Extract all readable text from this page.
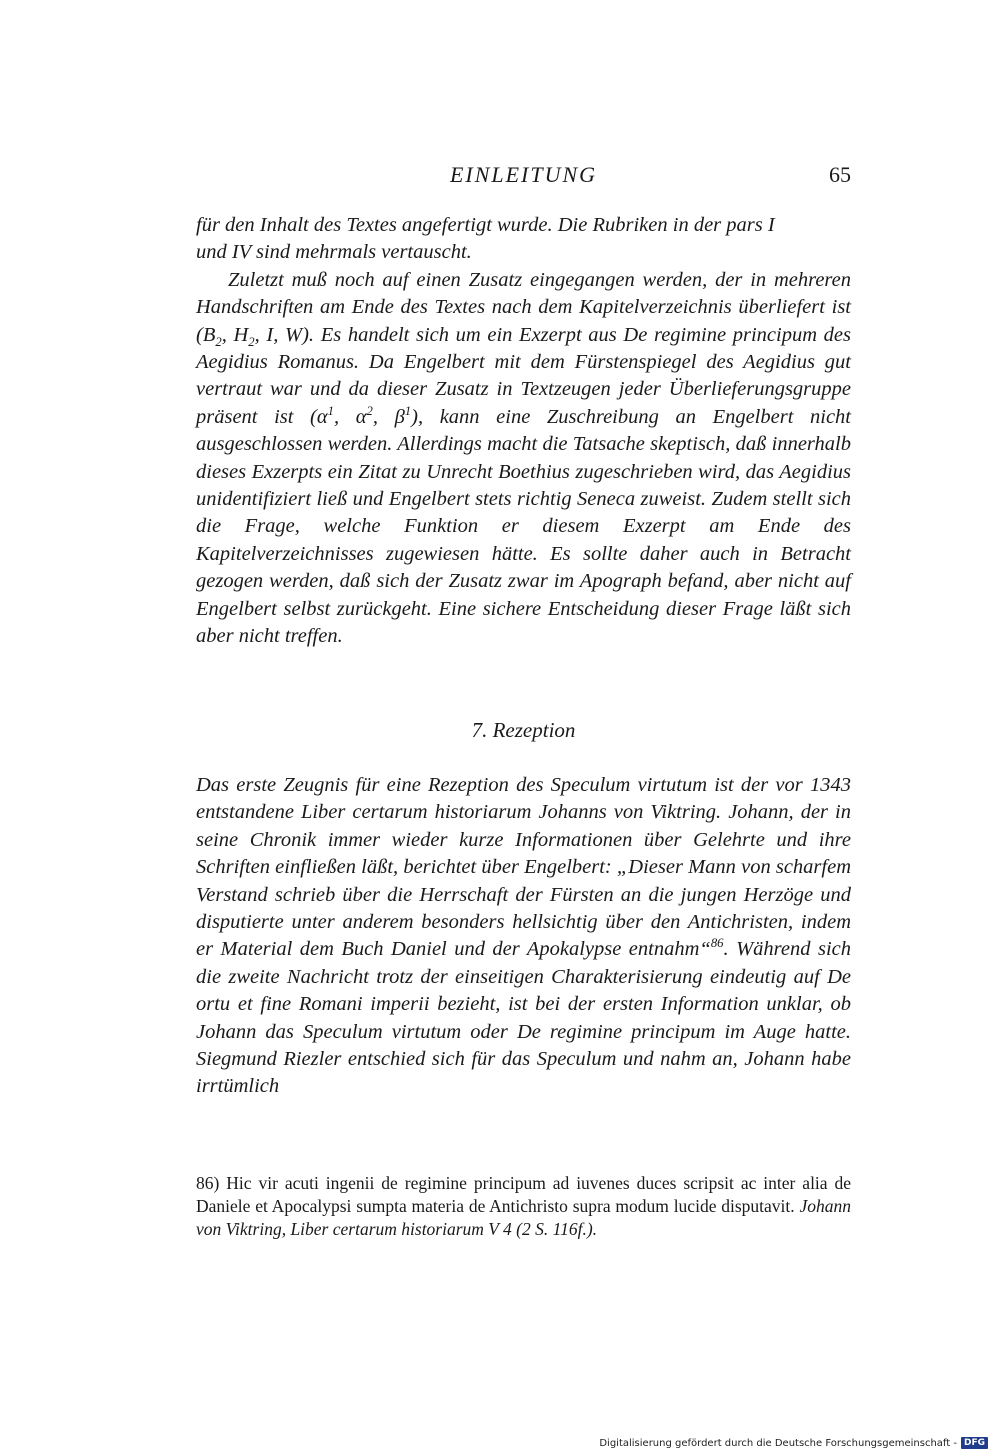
EINLEITUNG	65

für den Inhalt des Textes angefertigt wurde. Die Rubriken in der pars I
und IV sind mehrmals vertauscht.

Zuletzt muß noch auf einen Zusatz eingegangen werden, der in mehreren Handschriften am Ende des Textes nach dem Kapitelverzeichnis überliefert ist ($B_2$, $H_2$, I, W). Es handelt sich um ein Exzerpt aus De regimine principum des Aegidius Romanus. Da Engelbert mit dem Fürstenspiegel des Aegidius gut vertraut war und da dieser Zusatz in Textzeugen jeder Überlieferungsgruppe präsent ist ($\alpha^1$, $\alpha^2$, $\beta^1$), kann eine Zuschreibung an Engelbert nicht ausgeschlossen werden. Allerdings macht die Tatsache skeptisch, daß innerhalb dieses Exzerpts ein Zitat zu Unrecht Boethius zugeschrieben wird, das Aegidius unidentifiziert ließ und Engelbert stets richtig Seneca zuweist. Zudem stellt sich die Frage, welche Funktion er diesem Exzerpt am Ende des Kapitelverzeichnisses zugewiesen hätte. Es sollte daher auch in Betracht gezogen werden, daß sich der Zusatz zwar im Apograph befand, aber nicht auf Engelbert selbst zurückgeht. Eine sichere Entscheidung dieser Frage läßt sich aber nicht treffen.

7. Rezeption

Das erste Zeugnis für eine Rezeption des Speculum virtutum ist der vor 1343 entstandene Liber certarum historiarum Johanns von Viktring. Johann, der in seine Chronik immer wieder kurze Informationen über Gelehrte und ihre Schriften einfließen läßt, berichtet über Engelbert: „Dieser Mann von scharfem Verstand schrieb über die Herrschaft der Fürsten an die jungen Herzöge und disputierte unter anderem besonders hellsichtig über den Antichristen, indem er Material dem Buch Daniel und der Apokalypse entnahm“$^{86}$. Während sich die zweite Nachricht trotz der einseitigen Charakterisierung eindeutig auf De ortu et fine Romani imperii bezieht, ist bei der ersten Information unklar, ob Johann das Speculum virtutum oder De regimine principum im Auge hatte. Siegmund Riezler entschied sich für das Speculum und nahm an, Johann habe irrtümlich

86) Hic vir acuti ingenii de regimine principum ad iuvenes duces scripsit ac inter alia de Daniele et Apocalypsi sumpta materia de Antichristo supra modum lucide disputavit. Johann von Viktring, Liber certarum historiarum V 4 (2 S. 116f.).
Digitalisierung gefördert durch die Deutsche Forschungsgemeinschaft - DFG
